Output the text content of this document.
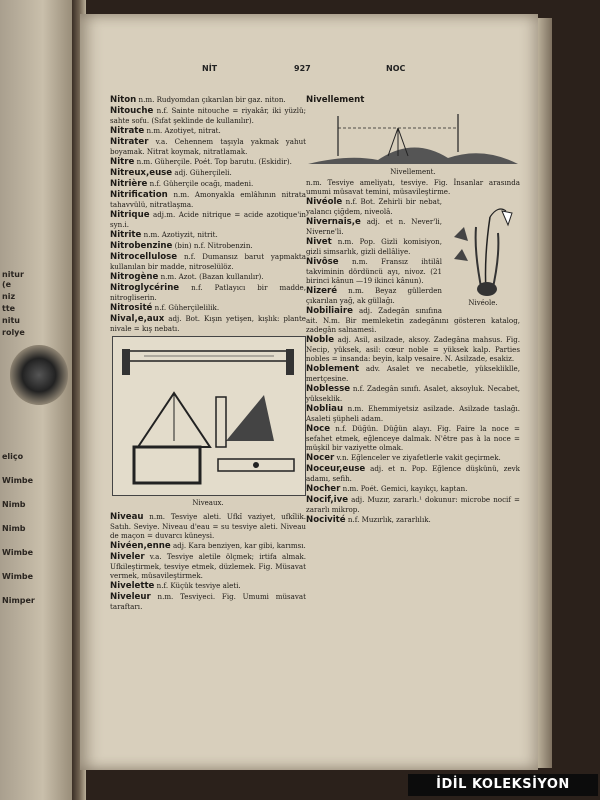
nitur
(e
niz
tte
nitu
rolye
eliço
Wimbe
Nimb
Nimb
Wimbe
Wimbe
Nimper
NİT	927	NOC
Niton n.m. Rudyomdan çıkarılan bir gaz. niton.
Nitouche n.f. Sainte nitouche = riyakâr, iki yüzlü; sahte sofu. (Sıfat şeklinde de kullanılır).
Nitrate n.m. Azotiyet, nitrat.
Nitrater v.a. Cehennem taşıyla yakmak yahut boyamak. Nitrat koymak, nitratlamak.
Nitre n.m. Güherçile. Poét. Top barutu. (Eskidir).
Nitreux,euse adj. Güherçileli.
Nitrière n.f. Güherçile ocağı, madeni.
Nitrification n.m. Amonyakla emlâhının nitrata tahavvülü, nitratlaşma.
Nitrique adj.m. Acide nitrique = acide azotique'in syn.i.
Nitrite n.m. Azotiyzit, nitrit.
Nitrobenzine (bin) n.f. Nitrobenzin.
Nitrocellulose n.f. Dumansız barut yapmakta kullanılan bir madde, nitroselülöz.
Nitrogène n.m. Azot. (Bazan kullanılır).
Nitroglycérine n.f. Patlayıcı bir madde, nitrogliserin.
Nitrosité n.f. Güherçilelilik.
Nival,e,aux adj. Bot. Kışın yetişen, kışlık: plante nivale = kış nebatı.
Niveaux.
Niveau n.m. Tesviye aleti. Ufkî vaziyet, ufkîlik. Satıh. Seviye. Niveau d'eau = su tesviye aleti. Niveau de maçon = duvarcı küneysi.
Nivéen,enne adj. Kara benziyen, kar gibi, karımsı.
Niveler v.a. Tesviye aletile ölçmek; irtifa almak. Ufkileştirmek, tesviye etmek, düzlemek. Fig. Müsavat vermek, müsavileştirmek.
Nivelette n.f. Küçük tesviye aleti.
Niveleur n.m. Tesviyeci. Fig. Umumi müsavat taraftarı.
Nivellement
Nivellement.
n.m. Tesviye ameliyatı, tesviye. Fig. İnsanlar arasında umumi müsavat temini, müsavileştirme.
Nivéole.
Nivéole n.f. Bot. Zehirli bir nebat, yalancı çiğdem, niveolâ.
Nivernais,e adj. et n. Never'li, Niverne'li.
Nivet n.m. Pop. Gizli komisiyon, gizli simsarlık, gizli dellâliye.
Nivôse n.m. Fransız ihtilâl takviminin dördüncü ayı, nivoz. (21 birinci kânun —19 ikinci kânun).
Nizeré n.m. Beyaz güllerden çıkarılan yağ, ak güllağı.
Nobiliaire adj. Zadegân sınıfına ait. N.m. Bir memleketin zadegânını gösteren katalog, zadegân salnamesi.
Noble adj. Asil, asilzade, aksoy. Zadegâna mahsus. Fig. Necip, yüksek, asil: cœur noble = yüksek kalp. Parties nobles = insanda: beyin, kalp vesaire. N. Asilzade, esakiz.
Noblement adv. Asalet ve necabetle, yüksekliklle, mertçesine.
Noblesse n.f. Zadegân sınıfı. Asalet, aksoyluk. Necabet, yükseklik.
Nobliau n.m. Ehemmiyetsiz asilzade. Asilzade taslağı. Asaleti şüpheli adam.
Noce n.f. Düğün. Düğün alayı. Fig. Faire la noce = sefahet etmek, eğlenceye dalmak. N'être pas à la noce = müşkil bir vaziyette olmak.
Nocer v.n. Eğlenceler ve ziyafetlerle vakit geçirmek.
Noceur,euse adj. et n. Pop. Eğlence düşkünü, zevk adamı, sefih.
Nocher n.m. Poét. Gemici, kayıkçı, kaptan.
Nocif,ive adj. Muzır, zararlı.¹ dokunur: microbe nocif = zararlı mikrop.
Nocivité n.f. Muzırlık, zararlılık.
İDİL KOLEKSİYON
